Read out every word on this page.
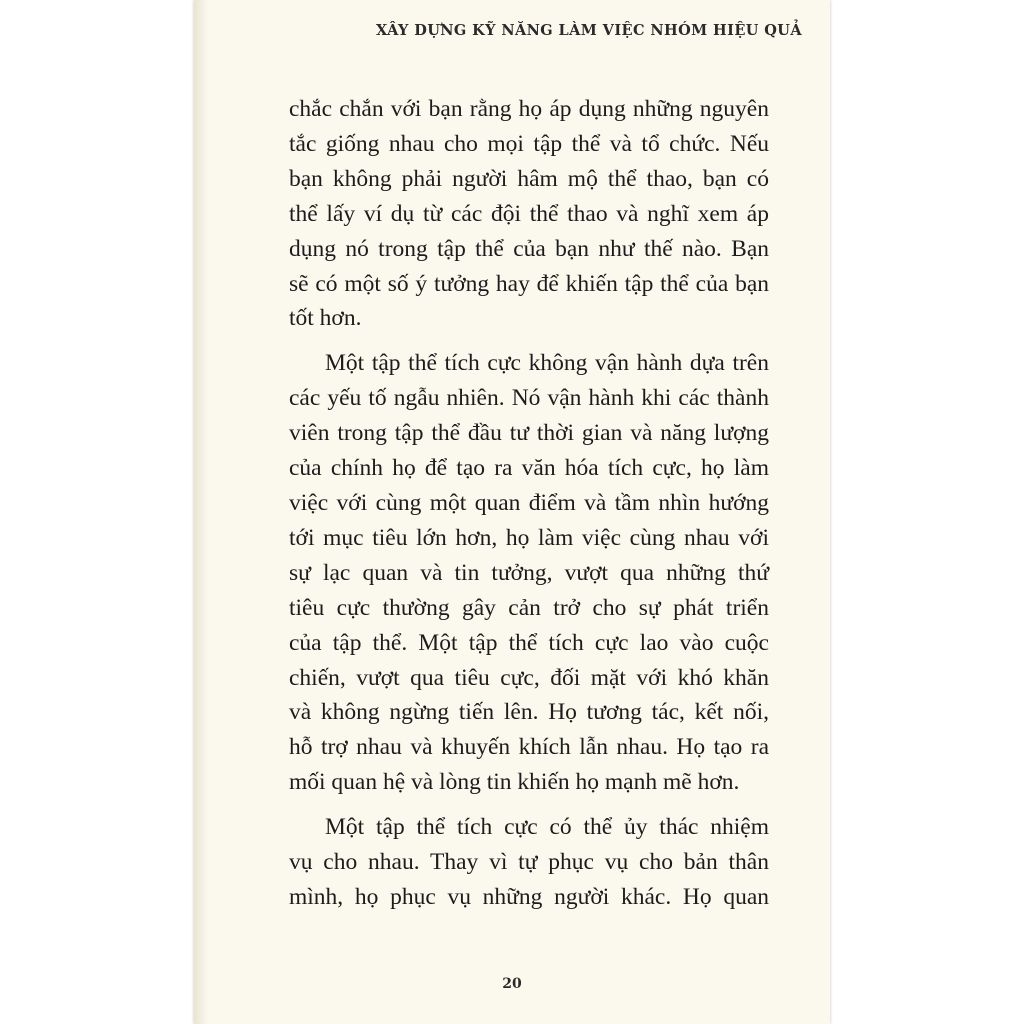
XÂY DỰNG KỸ NĂNG LÀM VIỆC NHÓM HIỆU QUẢ

chắc chắn với bạn rằng họ áp dụng những nguyên
tắc giống nhau cho mọi tập thể và tổ chức. Nếu
bạn không phải người hâm mộ thể thao, bạn có
thể lấy ví dụ từ các đội thể thao và nghĩ xem áp
dụng nó trong tập thể của bạn như thế nào. Bạn
sẽ có một số ý tưởng hay để khiến tập thể của bạn
tốt hơn.

Một tập thể tích cực không vận hành dựa trên
các yếu tố ngẫu nhiên. Nó vận hành khi các thành
viên trong tập thể đầu tư thời gian và năng lượng
của chính họ để tạo ra văn hóa tích cực, họ làm
việc với cùng một quan điểm và tầm nhìn hướng
tới mục tiêu lớn hơn, họ làm việc cùng nhau với
sự lạc quan và tin tưởng, vượt qua những thứ
tiêu cực thường gây cản trở cho sự phát triển
của tập thể. Một tập thể tích cực lao vào cuộc
chiến, vượt qua tiêu cực, đối mặt với khó khăn
và không ngừng tiến lên. Họ tương tác, kết nối,
hỗ trợ nhau và khuyến khích lẫn nhau. Họ tạo ra
mối quan hệ và lòng tin khiến họ mạnh mẽ hơn.

Một tập thể tích cực có thể ủy thác nhiệm
vụ cho nhau. Thay vì tự phục vụ cho bản thân
mình, họ phục vụ những người khác. Họ quan

20
